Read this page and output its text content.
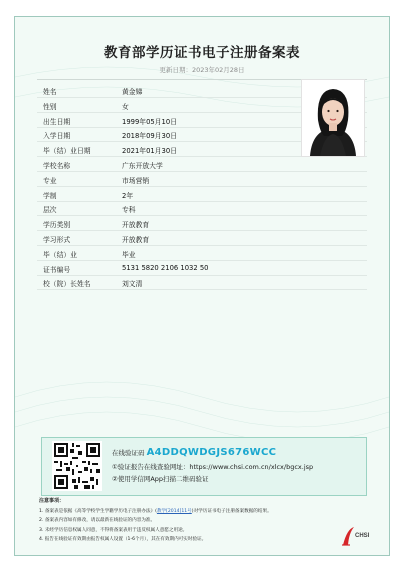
教育部学历证书电子注册备案表
更新日期：2023年02月28日
姓名	黄金娣
性别	女
出生日期	1999年05月10日
入学日期	2018年09月30日
毕（结）业日期	2021年01月30日
学校名称	广东开放大学
专业	市场营销
学制	2年
层次	专科
学历类别	开放教育
学习形式	开放教育
毕（结）业	毕业
证书编号	5131 5820 2106 1032 50
校（院）长姓名	刘文清
在线验证码 A4DDQWDGJS676WCC
①验证报告在线查验网址：https://www.chsi.com.cn/xlcx/bgcx.jsp
②使用学信网App扫描二维码验证
注意事项：
1. 备案表是依据《高等学校学生学籍学历电子注册办法》(教学[2014]11号)对学历证书电子注册备案数据的结果。
2. 备案表内容如有修改，请以最新在线验证的内容为准。
3. 未经学历信息权属人同意，不得将备案表用于违反权属人意愿之用途。
4. 报告在线验证有效期由报告权属人设置（1-6个月），其在有效期内可实时验证。
CHSI
